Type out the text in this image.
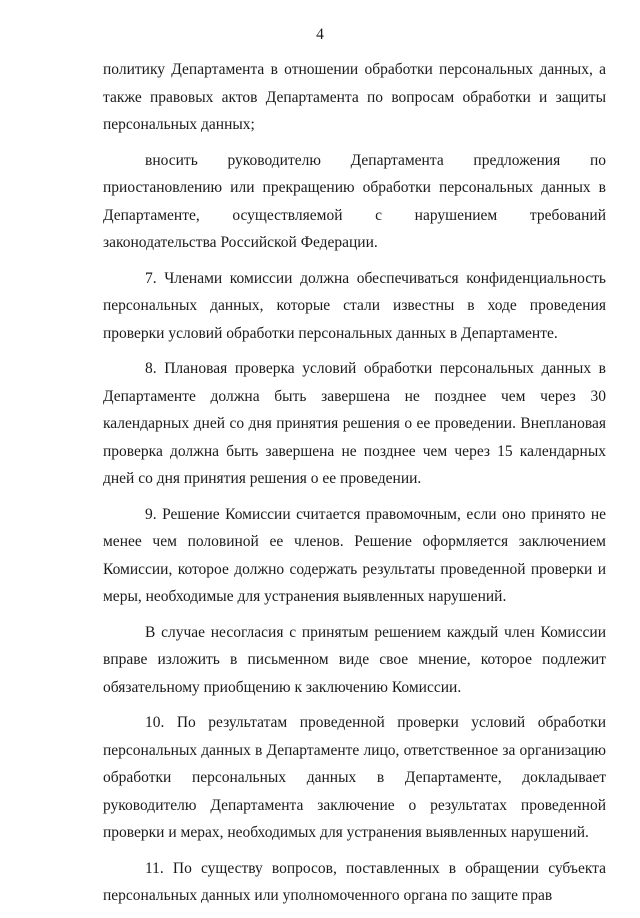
4

политику Департамента в отношении обработки персональных данных, а также правовых актов Департамента по вопросам обработки и защиты персональных данных;

вносить руководителю Департамента предложения по приостановлению или прекращению обработки персональных данных в Департаменте, осуществляемой с нарушением требований законодательства Российской Федерации.

7. Членами комиссии должна обеспечиваться конфиденциальность персональных данных, которые стали известны в ходе проведения проверки условий обработки персональных данных в Департаменте.

8. Плановая проверка условий обработки персональных данных в Департаменте должна быть завершена не позднее чем через 30 календарных дней со дня принятия решения о ее проведении. Внеплановая проверка должна быть завершена не позднее чем через 15 календарных дней со дня принятия решения о ее проведении.

9. Решение Комиссии считается правомочным, если оно принято не менее чем половиной ее членов. Решение оформляется заключением Комиссии, которое должно содержать результаты проведенной проверки и меры, необходимые для устранения выявленных нарушений.

В случае несогласия с принятым решением каждый член Комиссии вправе изложить в письменном виде свое мнение, которое подлежит обязательному приобщению к заключению Комиссии.

10. По результатам проведенной проверки условий обработки персональных данных в Департаменте лицо, ответственное за организацию обработки персональных данных в Департаменте, докладывает руководителю Департамента заключение о результатах проведенной проверки и мерах, необходимых для устранения выявленных нарушений.

11. По существу вопросов, поставленных в обращении субъекта персональных данных или уполномоченного органа по защите прав
